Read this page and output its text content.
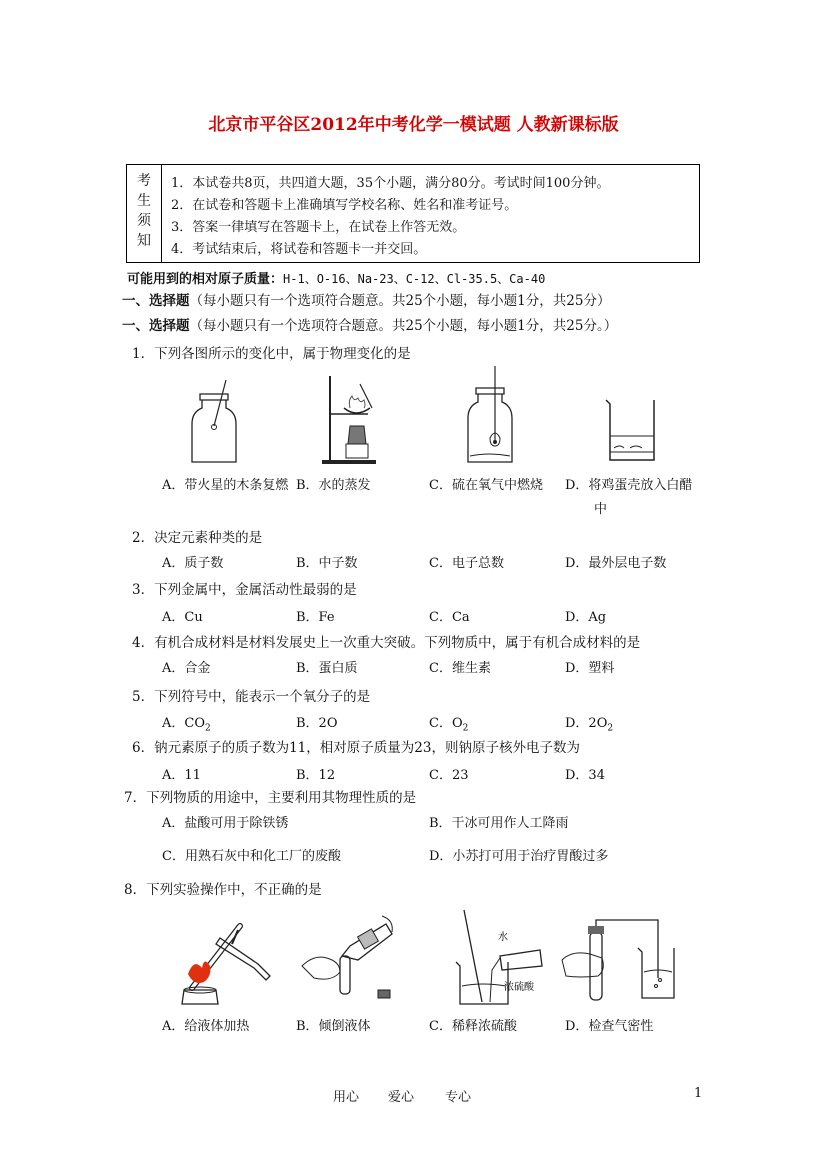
北京市平谷区2012年中考化学一模试题 人教新课标版
考
生
须
知
1．本试卷共8页，共四道大题，35个小题，满分80分。考试时间100分钟。
2．在试卷和答题卡上准确填写学校名称、姓名和准考证号。
3．答案一律填写在答题卡上，在试卷上作答无效。
4．考试结束后，将试卷和答题卡一并交回。
可能用到的相对原子质量：H-1、O-16、Na-23、C-12、Cl-35.5、Ca-40
一、选择题（每小题只有一个选项符合题意。共25个小题，每小题1分，共25分）
一、选择题（每小题只有一个选项符合题意。共25个小题，每小题1分，共25分。）
1．下列各图所示的变化中，属于物理变化的是
A．带火星的木条复燃 B．水的蒸发	C．硫在氧气中燃烧 D．将鸡蛋壳放入白醋
中
2．决定元素种类的是
A．质子数	B．中子数	C．电子总数	D．最外层电子数
3．下列金属中，金属活动性最弱的是
A．Cu	B．Fe	C．Ca	D．Ag
4．有机合成材料是材料发展史上一次重大突破。下列物质中，属于有机合成材料的是
A．合金	B．蛋白质	C．维生素	D．塑料
5．下列符号中，能表示一个氧分子的是
A．$CO_2$	B．2O	C．$O_2$	D．$2O_2$
6．钠元素原子的质子数为11，相对原子质量为23，则钠原子核外电子数为
A．11	B．12	C．23	D．34
7．下列物质的用途中，主要利用其物理性质的是
A．盐酸可用于除铁锈	B．干冰可用作人工降雨
C．用熟石灰中和化工厂的废酸	D．小苏打可用于治疗胃酸过多
8．下列实验操作中，不正确的是
水
浓硫酸
A．给液体加热	B．倾倒液体	C．稀释浓硫酸	D．检查气密性
用心 爱心 专心	1
